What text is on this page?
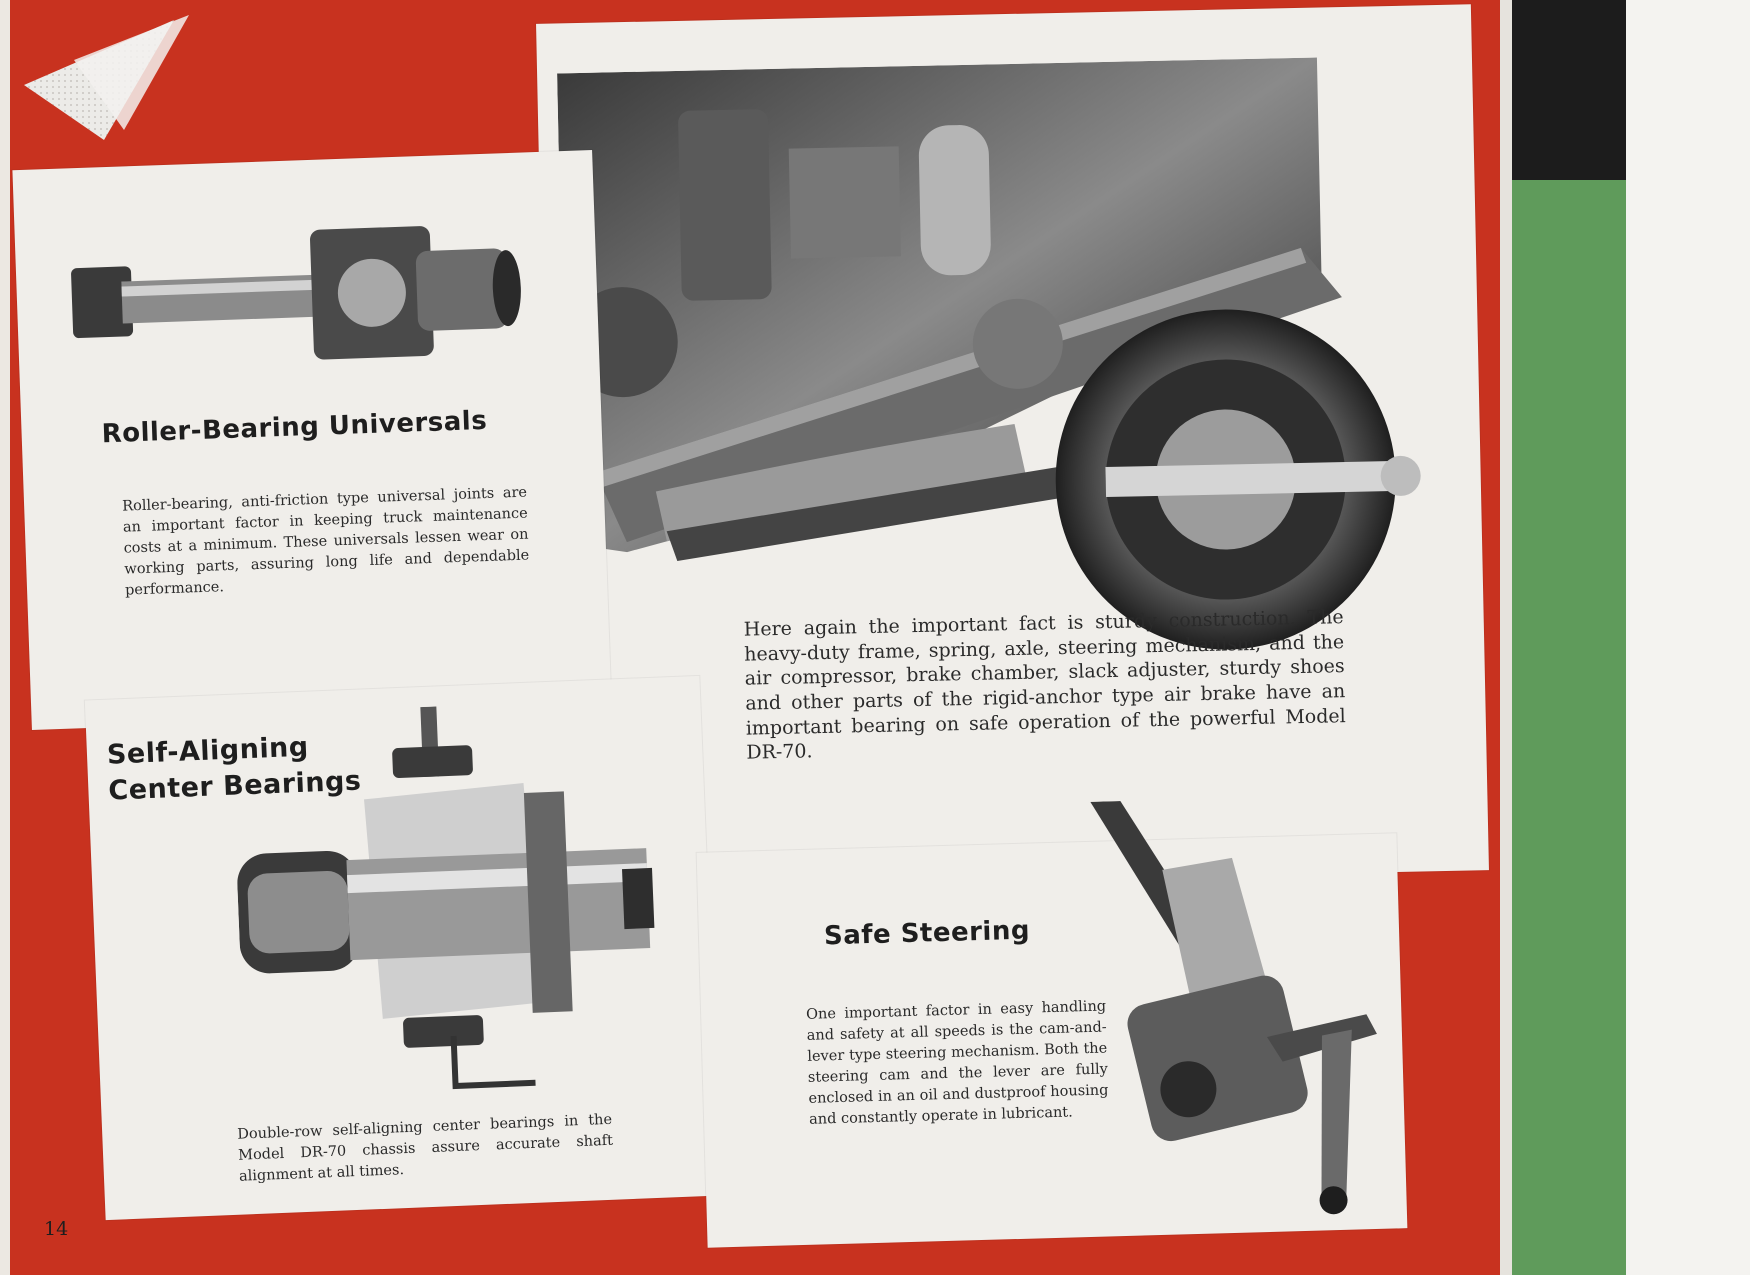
Here again the important fact is sturdy construction. The heavy-duty frame, spring, axle, steering mechanism, and the air compressor, brake chamber, slack adjuster, sturdy shoes and other parts of the rigid-anchor type air brake have an important bearing on safe operation of the powerful Model DR-70.

Roller-Bearing Universals

Roller-bearing, anti-friction type universal joints are an important factor in keeping truck maintenance costs at a minimum. These universals lessen wear on working parts, assuring long life and dependable performance.

Self-Aligning
Center Bearings

Double-row self-aligning center bearings in the Model DR-70 chassis assure accurate shaft alignment at all times.

Safe Steering

One important factor in easy handling and safety at all speeds is the cam-and-lever type steering mechanism. Both the steering cam and the lever are fully enclosed in an oil and dustproof housing and constantly operate in lubricant.

14
